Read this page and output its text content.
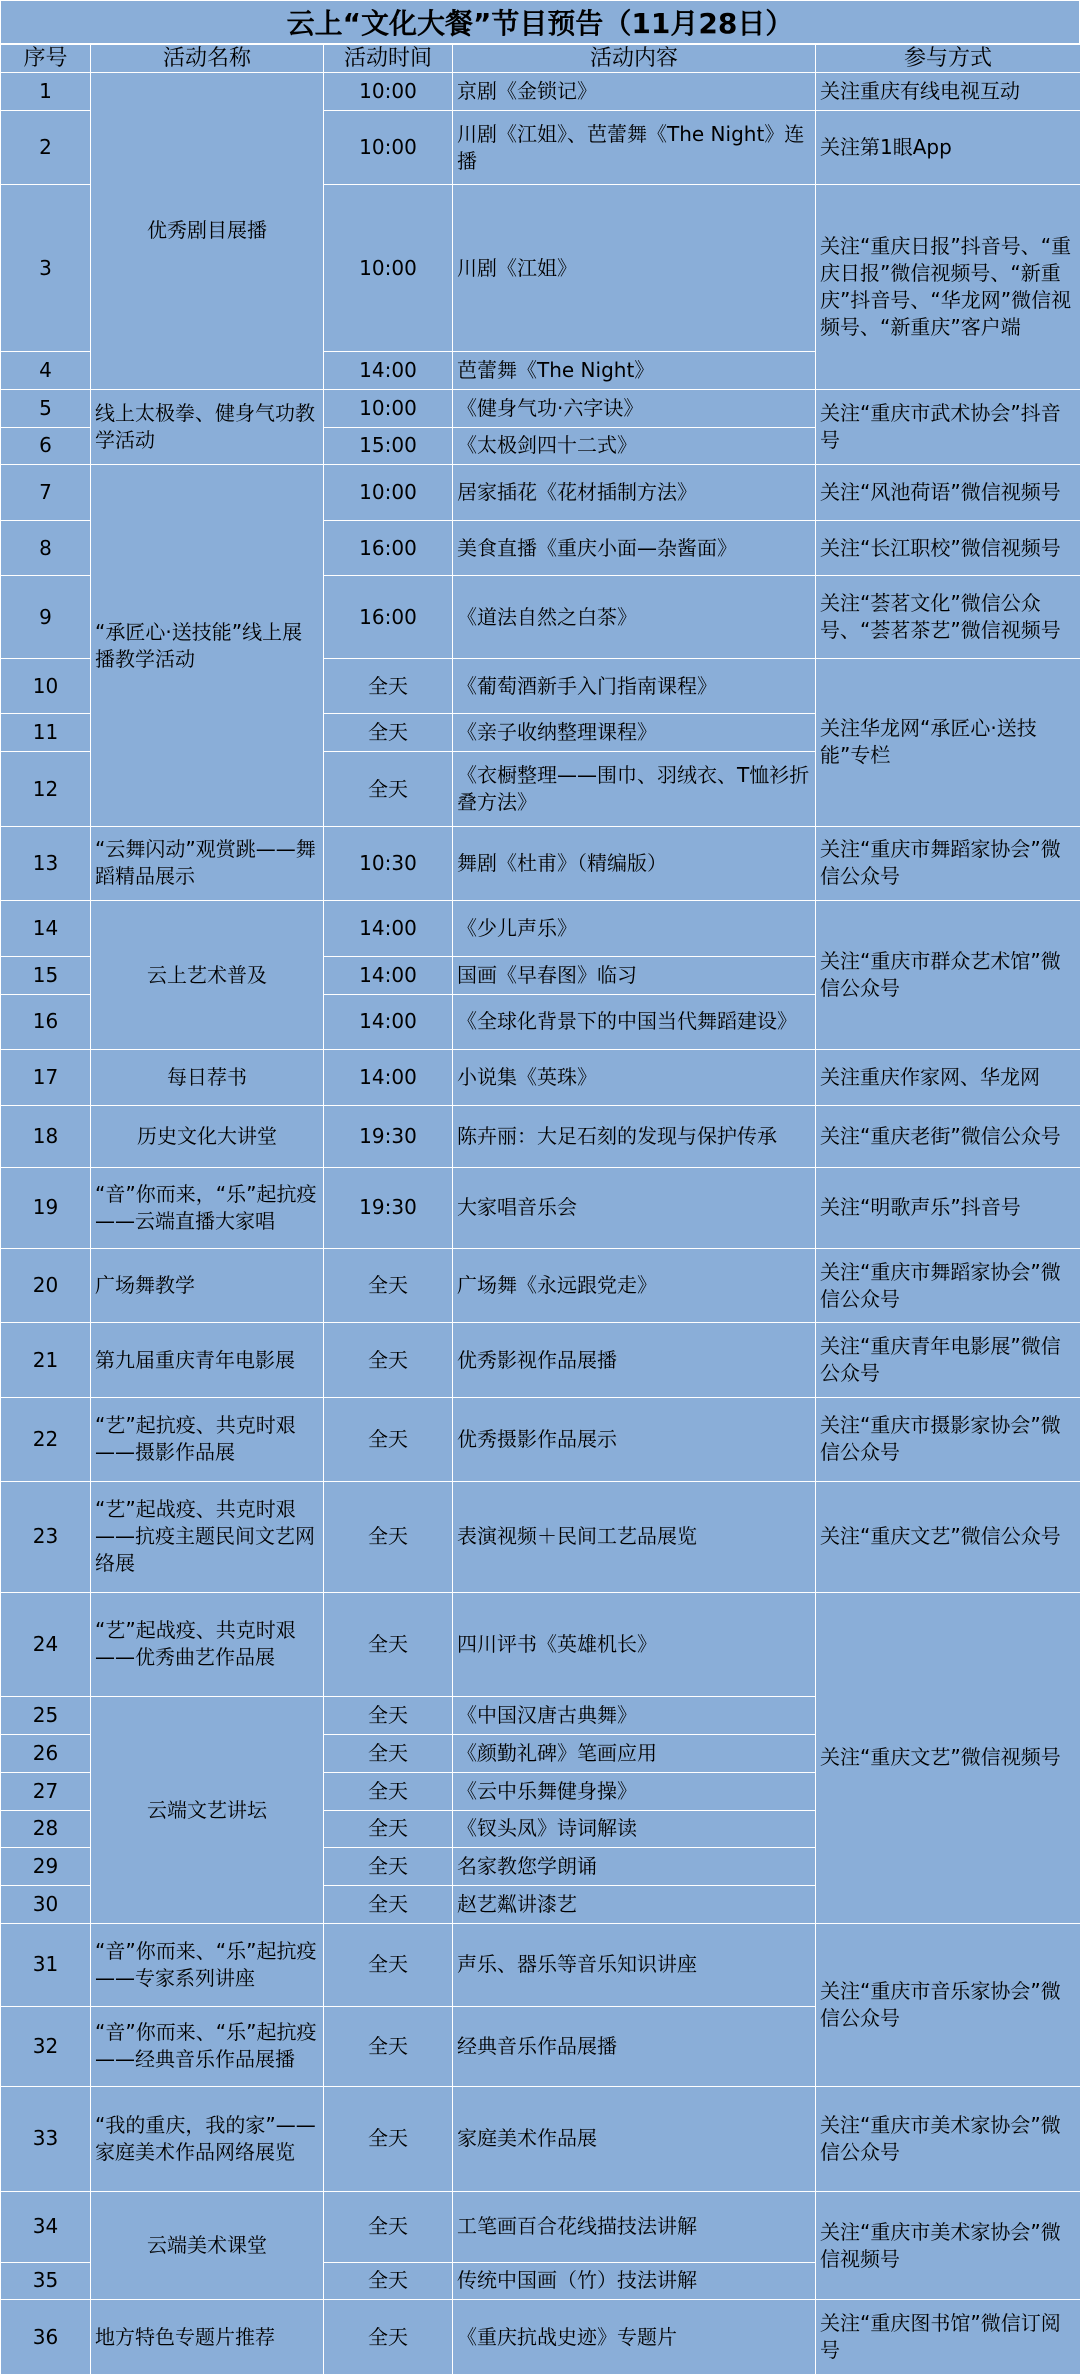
云上“文化大餐”节目预告（11月28日）
序号	活动名称	活动时间	活动内容	参与方式
1	优秀剧目展播	10:00	京剧《金锁记》	关注重庆有线电视互动
2		10:00	川剧《江姐》、芭蕾舞《The Night》连播	关注第1眼App
3		10:00	川剧《江姐》	关注“重庆日报”抖音号、“重庆日报”微信视频号、“新重庆”抖音号、“华龙网”微信视频号、“新重庆”客户端
4		14:00	芭蕾舞《The Night》	
5	线上太极拳、健身气功教学活动	10:00	《健身气功·六字诀》	关注“重庆市武术协会”抖音号
6		15:00	《太极剑四十二式》	
7	“承匠心·送技能”线上展播教学活动	10:00	居家插花《花材插制方法》	关注“风池荷语”微信视频号
8		16:00	美食直播《重庆小面—杂酱面》	关注“长江职校”微信视频号
9		16:00	《道法自然之白茶》	关注“荟茗文化”微信公众号、“荟茗茶艺”微信视频号
10		全天	《葡萄酒新手入门指南课程》	关注华龙网“承匠心·送技能”专栏
11		全天	《亲子收纳整理课程》	
12		全天	《衣橱整理——围巾、羽绒衣、T恤衫折叠方法》	
13	“云舞闪动”观赏跳——舞蹈精品展示	10:30	舞剧《杜甫》（精编版）	关注“重庆市舞蹈家协会”微信公众号
14	云上艺术普及	14:00	《少儿声乐》	关注“重庆市群众艺术馆”微信公众号
15		14:00	国画《早春图》临习	
16		14:00	《全球化背景下的中国当代舞蹈建设》	
17	每日荐书	14:00	小说集《英珠》	关注重庆作家网、华龙网
18	历史文化大讲堂	19:30	陈卉丽：大足石刻的发现与保护传承	关注“重庆老街”微信公众号
19	“音”你而来，“乐”起抗疫——云端直播大家唱	19:30	大家唱音乐会	关注“明歌声乐”抖音号
20	广场舞教学	全天	广场舞《永远跟党走》	关注“重庆市舞蹈家协会”微信公众号
21	第九届重庆青年电影展	全天	优秀影视作品展播	关注“重庆青年电影展”微信公众号
22	“艺”起抗疫、共克时艰——摄影作品展	全天	优秀摄影作品展示	关注“重庆市摄影家协会”微信公众号
23	“艺”起战疫、共克时艰——抗疫主题民间文艺网络展	全天	表演视频＋民间工艺品展览	关注“重庆文艺”微信公众号
24	“艺”起战疫、共克时艰——优秀曲艺作品展	全天	四川评书《英雄机长》	关注“重庆文艺”微信视频号
25	云端文艺讲坛	全天	《中国汉唐古典舞》	
26		全天	《颜勤礼碑》笔画应用	
27		全天	《云中乐舞健身操》	
28		全天	《钗头凤》诗词解读	
29		全天	名家教您学朗诵	
30		全天	赵艺粼讲漆艺	
31	“音”你而来、“乐”起抗疫——专家系列讲座	全天	声乐、器乐等音乐知识讲座	关注“重庆市音乐家协会”微信公众号
32	“音”你而来、“乐”起抗疫——经典音乐作品展播	全天	经典音乐作品展播	
33	“我的重庆，我的家”——家庭美术作品网络展览	全天	家庭美术作品展	关注“重庆市美术家协会”微信公众号
34	云端美术课堂	全天	工笔画百合花线描技法讲解	关注“重庆市美术家协会”微信视频号
35		全天	传统中国画（竹）技法讲解	
36	地方特色专题片推荐	全天	《重庆抗战史迹》专题片	关注“重庆图书馆”微信订阅号
